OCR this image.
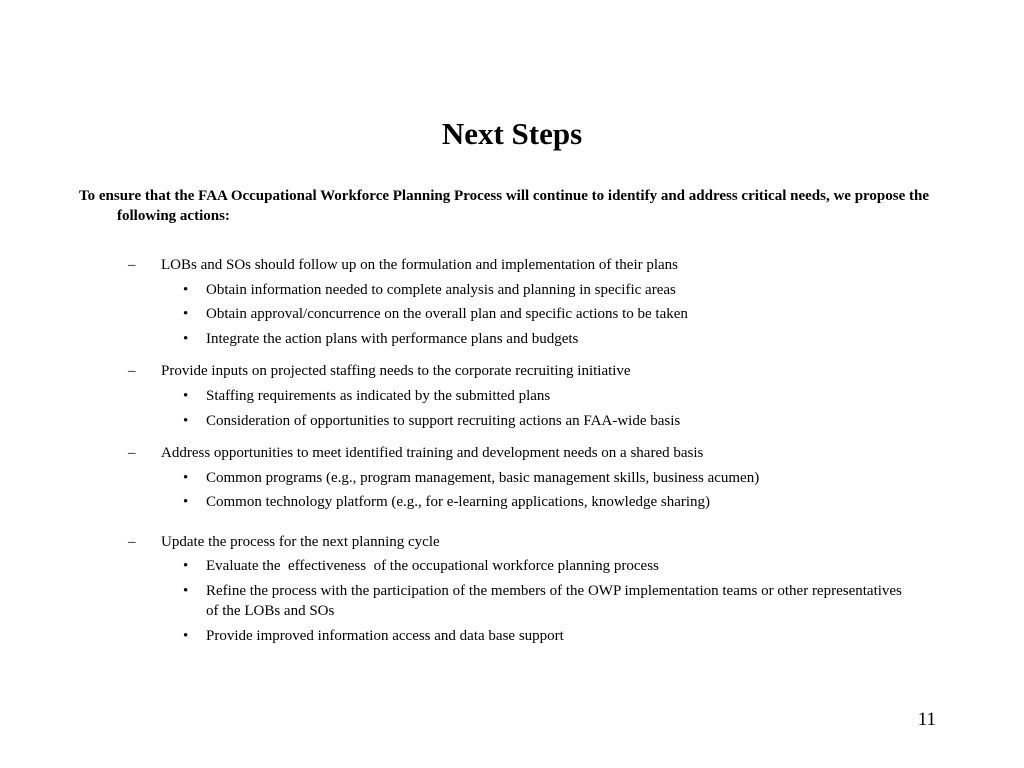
Next Steps
To ensure that the FAA Occupational Workforce Planning Process will continue to identify and address critical needs, we propose the following actions:
– LOBs and SOs should follow up on the formulation and implementation of their plans
• Obtain information needed to complete analysis and planning in specific areas
• Obtain approval/concurrence on the overall plan and specific actions to be taken
• Integrate the action plans with performance plans and budgets
– Provide inputs on projected staffing needs to the corporate recruiting initiative
• Staffing requirements as indicated by the submitted plans
• Consideration of opportunities to support recruiting actions an FAA-wide basis
– Address opportunities to meet identified training and development needs on a shared basis
• Common programs (e.g., program management, basic management skills, business acumen)
• Common technology platform (e.g., for e-learning applications, knowledge sharing)
– Update the process for the next planning cycle
• Evaluate the  effectiveness  of the occupational workforce planning process
• Refine the process with the participation of the members of the OWP implementation teams or other representatives of the LOBs and SOs
• Provide improved information access and data base support
11
